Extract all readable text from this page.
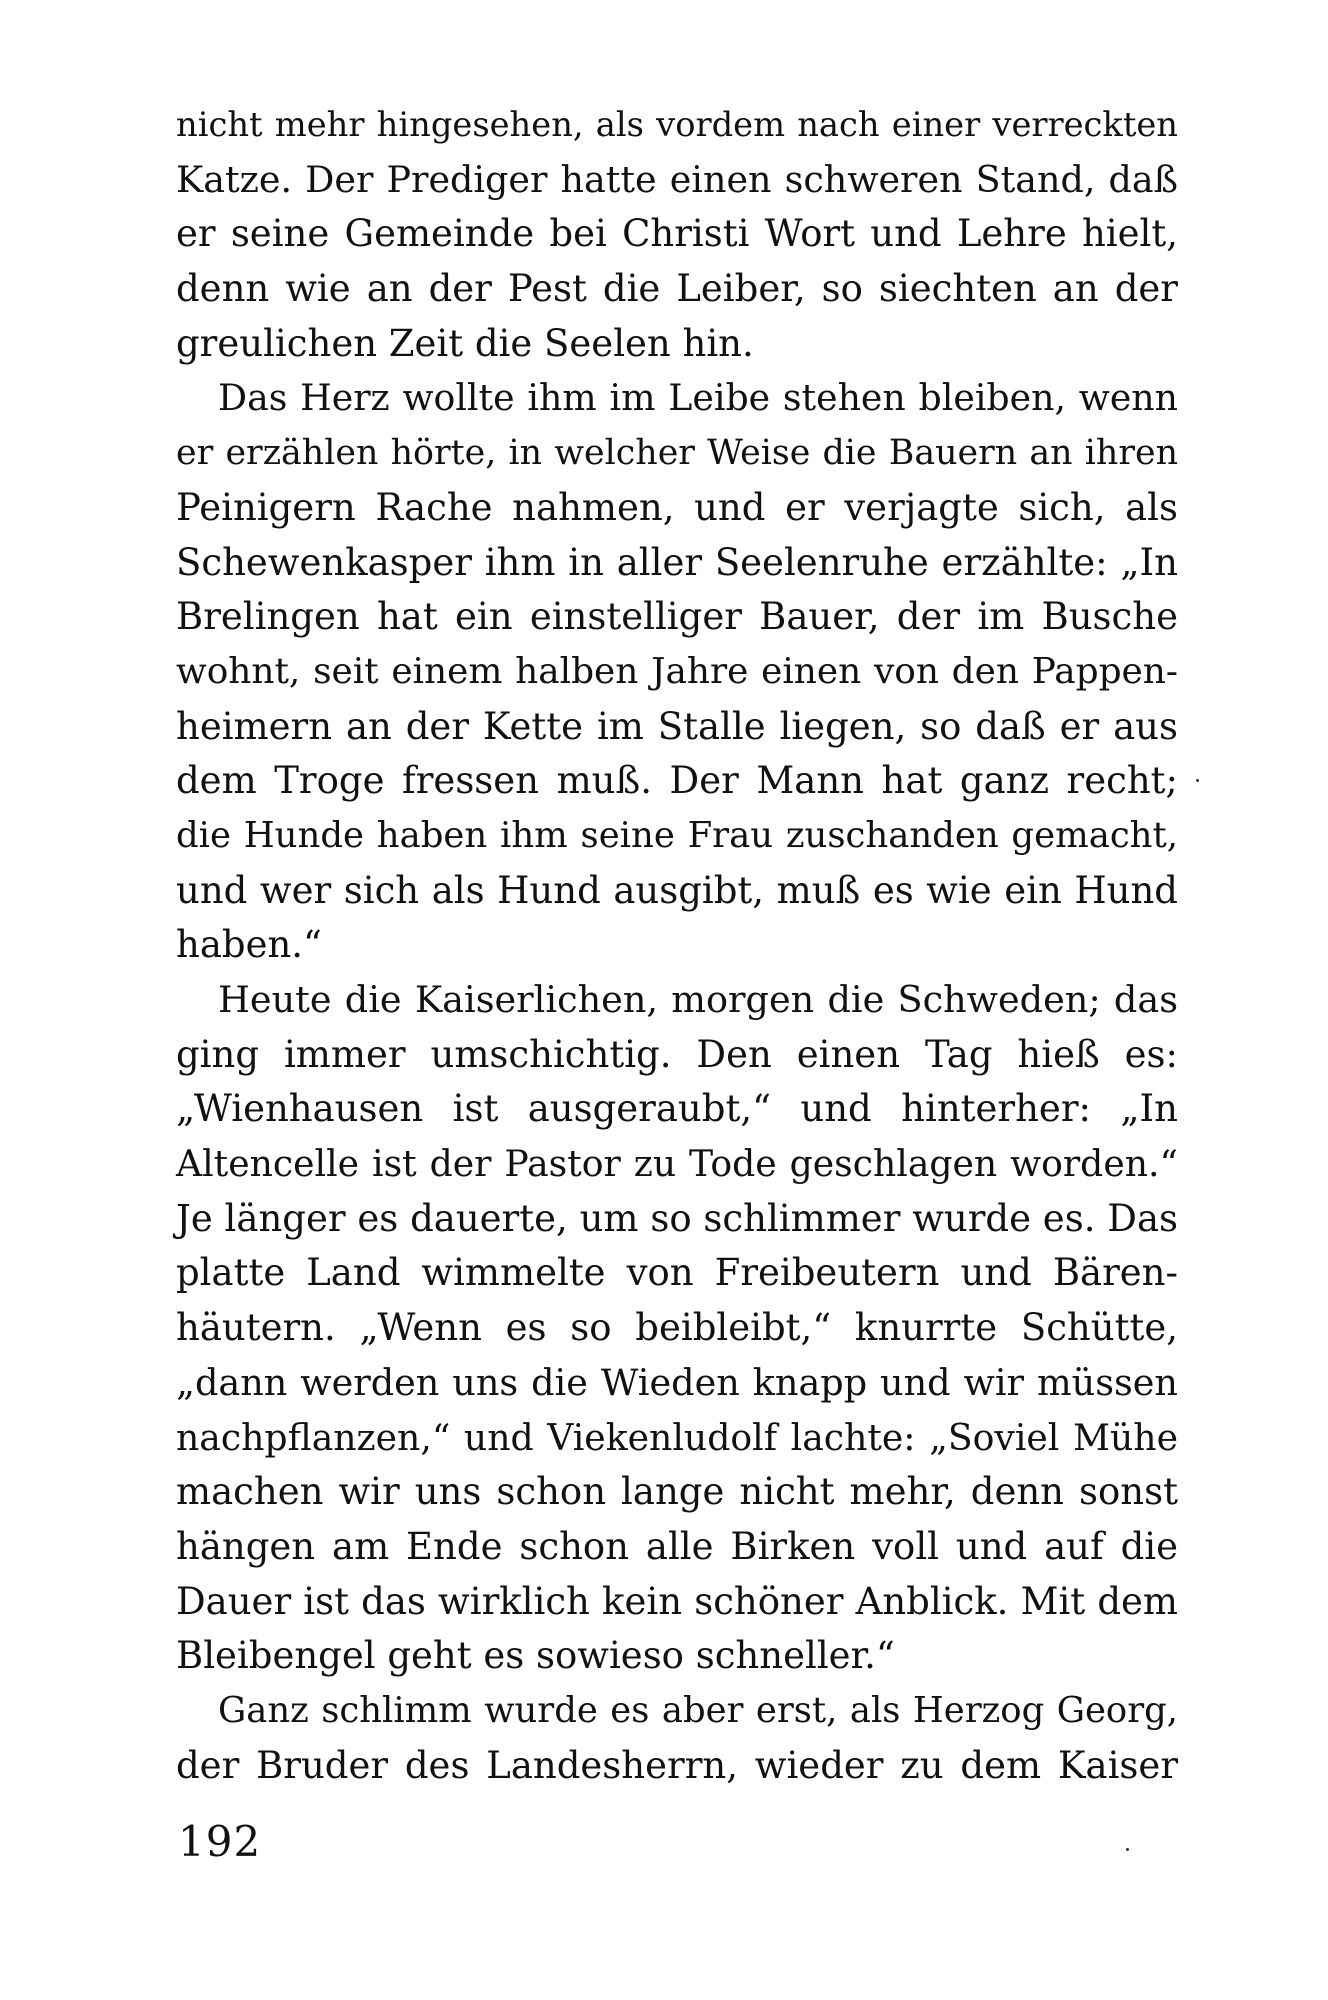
nicht mehr hingesehen, als vordem nach einer verreckten
Katze. Der Prediger hatte einen schweren Stand, daß
er seine Gemeinde bei Christi Wort und Lehre hielt,
denn wie an der Pest die Leiber, so siechten an der
greulichen Zeit die Seelen hin.
Das Herz wollte ihm im Leibe stehen bleiben, wenn
er erzählen hörte, in welcher Weise die Bauern an ihren
Peinigern Rache nahmen, und er verjagte sich, als
Schewenkasper ihm in aller Seelenruhe erzählte: „In
Brelingen hat ein einstelliger Bauer, der im Busche
wohnt, seit einem halben Jahre einen von den Pappen-
heimern an der Kette im Stalle liegen, so daß er aus
dem Troge fressen muß. Der Mann hat ganz recht;
die Hunde haben ihm seine Frau zuschanden gemacht,
und wer sich als Hund ausgibt, muß es wie ein Hund
haben.“
Heute die Kaiserlichen, morgen die Schweden; das
ging immer umschichtig. Den einen Tag hieß es:
„Wienhausen ist ausgeraubt,“ und hinterher: „In
Altencelle ist der Pastor zu Tode geschlagen worden.“
Je länger es dauerte, um so schlimmer wurde es. Das
platte Land wimmelte von Freibeutern und Bären-
häutern. „Wenn es so beibleibt,“ knurrte Schütte,
„dann werden uns die Wieden knapp und wir müssen
nachpflanzen,“ und Viekenludolf lachte: „Soviel Mühe
machen wir uns schon lange nicht mehr, denn sonst
hängen am Ende schon alle Birken voll und auf die
Dauer ist das wirklich kein schöner Anblick. Mit dem
Bleibengel geht es sowieso schneller.“
Ganz schlimm wurde es aber erst, als Herzog Georg,
der Bruder des Landesherrn, wieder zu dem Kaiser
192
